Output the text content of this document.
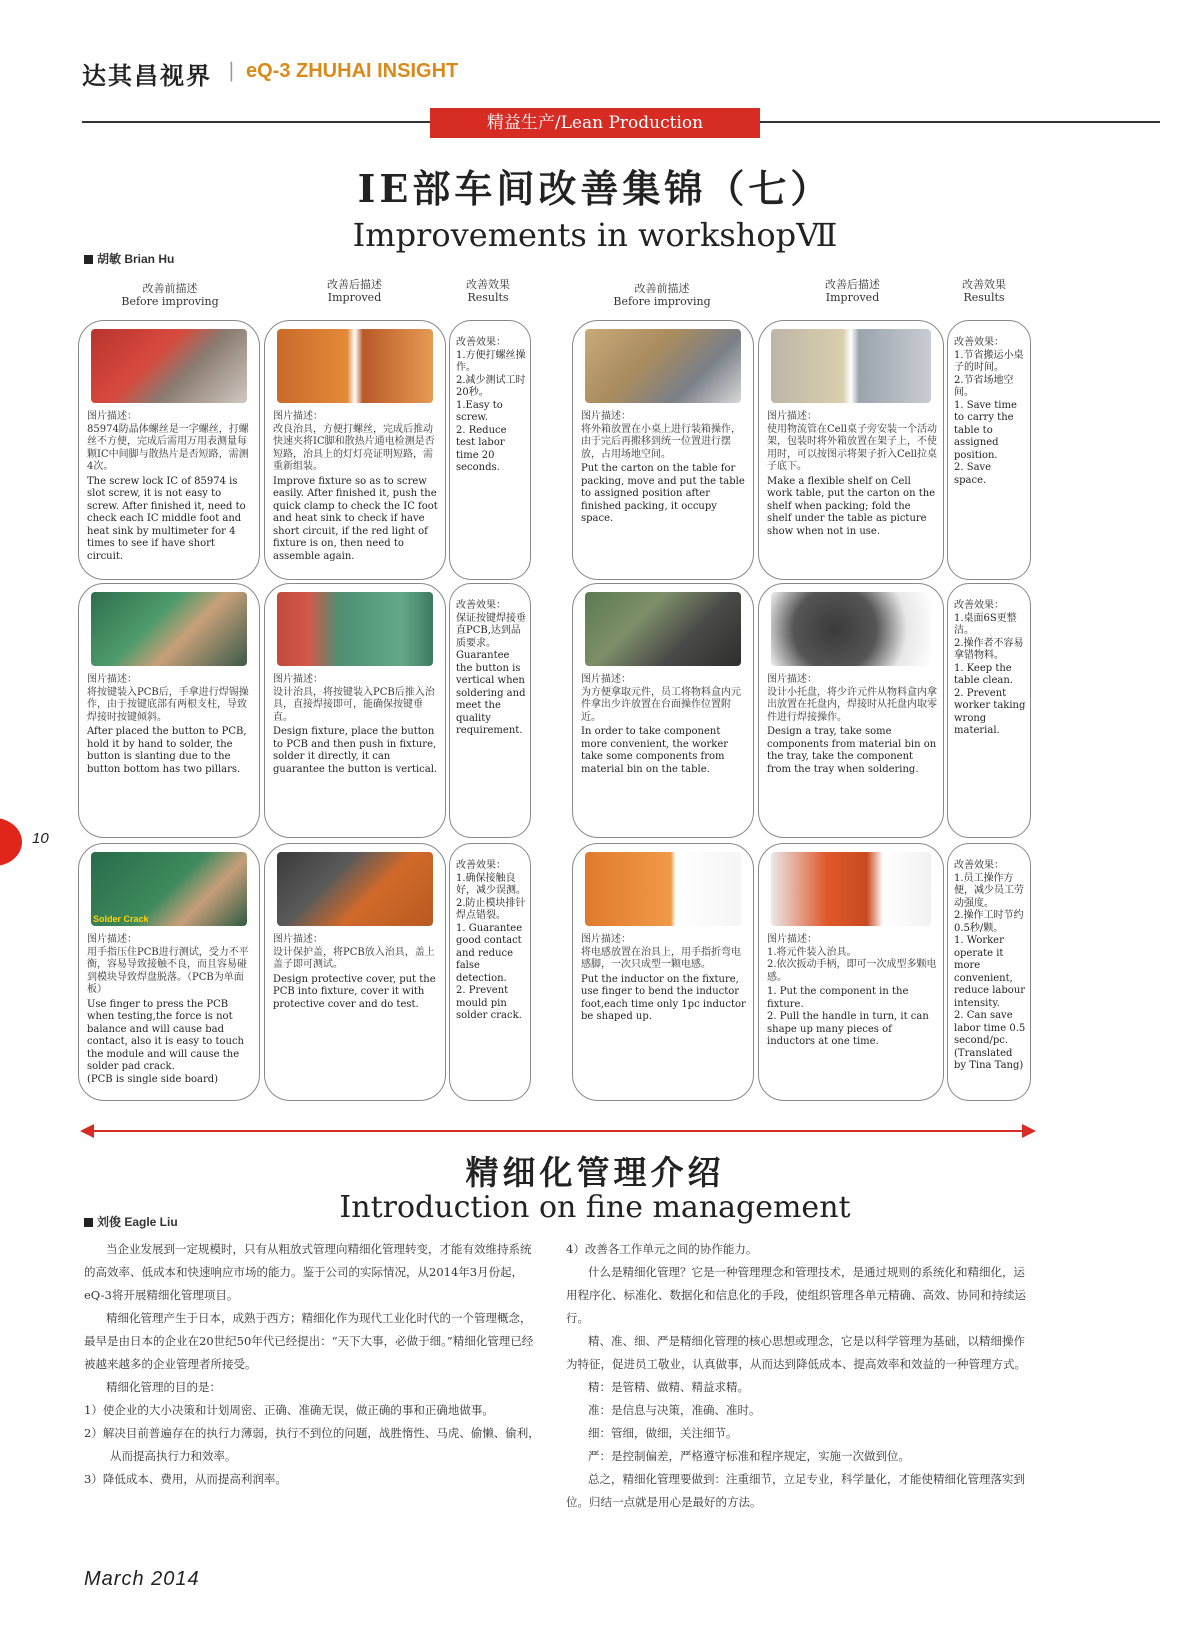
达其昌视界 | eQ-3 ZHUHAI INSIGHT
精益生产/Lean Production
IE部车间改善集锦（七）
Improvements in workshopⅦ
胡敏 Brian Hu
改善前描述
Before improving
改善后描述
Improved
改善效果
Results
改善前描述
Before improving
改善后描述
Improved
改善效果
Results
图片描述：
85974防晶体螺丝是一字螺丝，打螺丝不方便，完成后需用万用表测量每颗IC中间脚与散热片是否短路，需测4次。
The screw lock IC of 85974 is slot screw, it is not easy to screw. After finished it, need to check each IC middle foot and heat sink by multimeter for 4 times to see if have short circuit.
图片描述：
改良治具，方便打螺丝，完成后推动快速夹将IC脚和散热片通电检测是否短路，治具上的灯灯亮证明短路，需重新组装。
Improve fixture so as to screw easily. After finished it, push the quick clamp to check the IC foot and heat sink to check if have short circuit, if the red light of fixture is on, then need to assemble again.
改善效果：
1.方便打螺丝操作。
2.减少测试工时20秒。
1.Easy to screw.
2. Reduce test labor time 20 seconds.
图片描述：
将外箱放置在小桌上进行装箱操作，由于完后再搬移到统一位置进行摆放，占用场地空间。
Put the carton on the table for packing, move and put the table to assigned position after finished packing, it occupy space.
图片描述：
使用物流管在Cell桌子旁安装一个活动架，包装时将外箱放置在架子上，不使用时，可以按图示将架子折入Cell拉桌子底下。
Make a flexible shelf on Cell work table, put the carton on the shelf when packing; fold the shelf under the table as picture show when not in use.
改善效果：
1.节省搬运小桌子的时间。
2.节省场地空间。
1. Save time to carry the table to assigned position.
2. Save space.
图片描述：
将按键装入PCB后，手拿进行焊锡操作，由于按键底部有两根支柱，导致焊接时按键倾斜。
After placed the button to PCB, hold it by hand to solder, the button is slanting due to the button bottom has two pillars.
图片描述：
设计治具，将按键装入PCB后推入治具，直接焊接即可，能确保按键垂直。
Design fixture, place the button to PCB and then push in fixture, solder it directly, it can guarantee the button is vertical.
改善效果：
保证按键焊接垂直PCB,达到品质要求。
Guarantee the button is vertical when soldering and meet the quality requirement.
图片描述：
为方便拿取元件，员工将物料盒内元件拿出少许放置在台面操作位置附近。
In order to take component more convenient, the worker take some components from material bin on the table.
图片描述：
设计小托盘，将少许元件从物料盒内拿出放置在托盘内，焊接时从托盘内取零件进行焊接操作。
Design a tray, take some components from material bin on the tray, take the component from the tray when soldering.
改善效果：
1.桌面6S更整洁。
2.操作者不容易拿错物料。
1. Keep the table clean.
2. Prevent worker taking wrong material.
Solder Crack
图片描述：
用手指压住PCB进行测试，受力不平衡，容易导致接触不良，而且容易碰到模块导致焊盘脱落。（PCB为单面板）
Use finger to press the PCB when testing,the force is not balance and will cause bad contact, also it is easy to touch the module and will cause the solder pad crack.
(PCB is single side board)
图片描述：
设计保护盖，将PCB放入治具，盖上盖子即可测试。
Design protective cover, put the PCB into fixture, cover it with protective cover and do test.
改善效果：
1.确保接触良好，减少误测。
2.防止模块排针焊点错裂。
1. Guarantee good contact and reduce false detection.
2. Prevent mould pin solder crack.
图片描述：
将电感放置在治具上，用手指折弯电感脚，一次只成型一颗电感。
Put the inductor on the fixture, use finger to bend the inductor foot,each time only 1pc inductor be shaped up.
图片描述：
1.将元件装入治具。
2.依次扳动手柄，即可一次成型多颗电感。
1. Put the component in the fixture.
2. Pull the handle in turn, it can shape up many pieces of inductors at one time.
改善效果：
1.员工操作方便，减少员工劳动强度。
2.操作工时节约0.5秒/颗。
1. Worker operate it more convenient, reduce labour intensity.
2. Can save labor time 0.5 second/pc.
(Translated by Tina Tang)
10
精细化管理介绍
Introduction on fine management
刘俊 Eagle Liu

当企业发展到一定规模时，只有从粗放式管理向精细化管理转变，才能有效维持系统的高效率、低成本和快速响应市场的能力。鉴于公司的实际情况，从2014年3月份起，eQ-3将开展精细化管理项目。

精细化管理产生于日本，成熟于西方；精细化作为现代工业化时代的一个管理概念，最早是由日本的企业在20世纪50年代已经提出：“天下大事，必做于细。”精细化管理已经被越来越多的企业管理者所接受。

精细化管理的目的是：

1）使企业的大小决策和计划周密、正确、准确无误，做正确的事和正确地做事。

2）解决目前普遍存在的执行力薄弱，执行不到位的问题，战胜惰性、马虎、偷懒、偷利，从而提高执行力和效率。

3）降低成本、费用，从而提高利润率。

4）改善各工作单元之间的协作能力。

什么是精细化管理？它是一种管理理念和管理技术，是通过规则的系统化和精细化，运用程序化、标准化、数据化和信息化的手段，使组织管理各单元精确、高效、协同和持续运行。

精、准、细、严是精细化管理的核心思想或理念，它是以科学管理为基础，以精细操作为特征，促进员工敬业，认真做事，从而达到降低成本、提高效率和效益的一种管理方式。

精：是管精、做精、精益求精。

准：是信息与决策，准确、准时。

细：管细，做细，关注细节。

严：是控制偏差，严格遵守标准和程序规定，实施一次做到位。

总之，精细化管理要做到：注重细节，立足专业，科学量化，才能使精细化管理落实到位。归结一点就是用心是最好的方法。

March 2014
